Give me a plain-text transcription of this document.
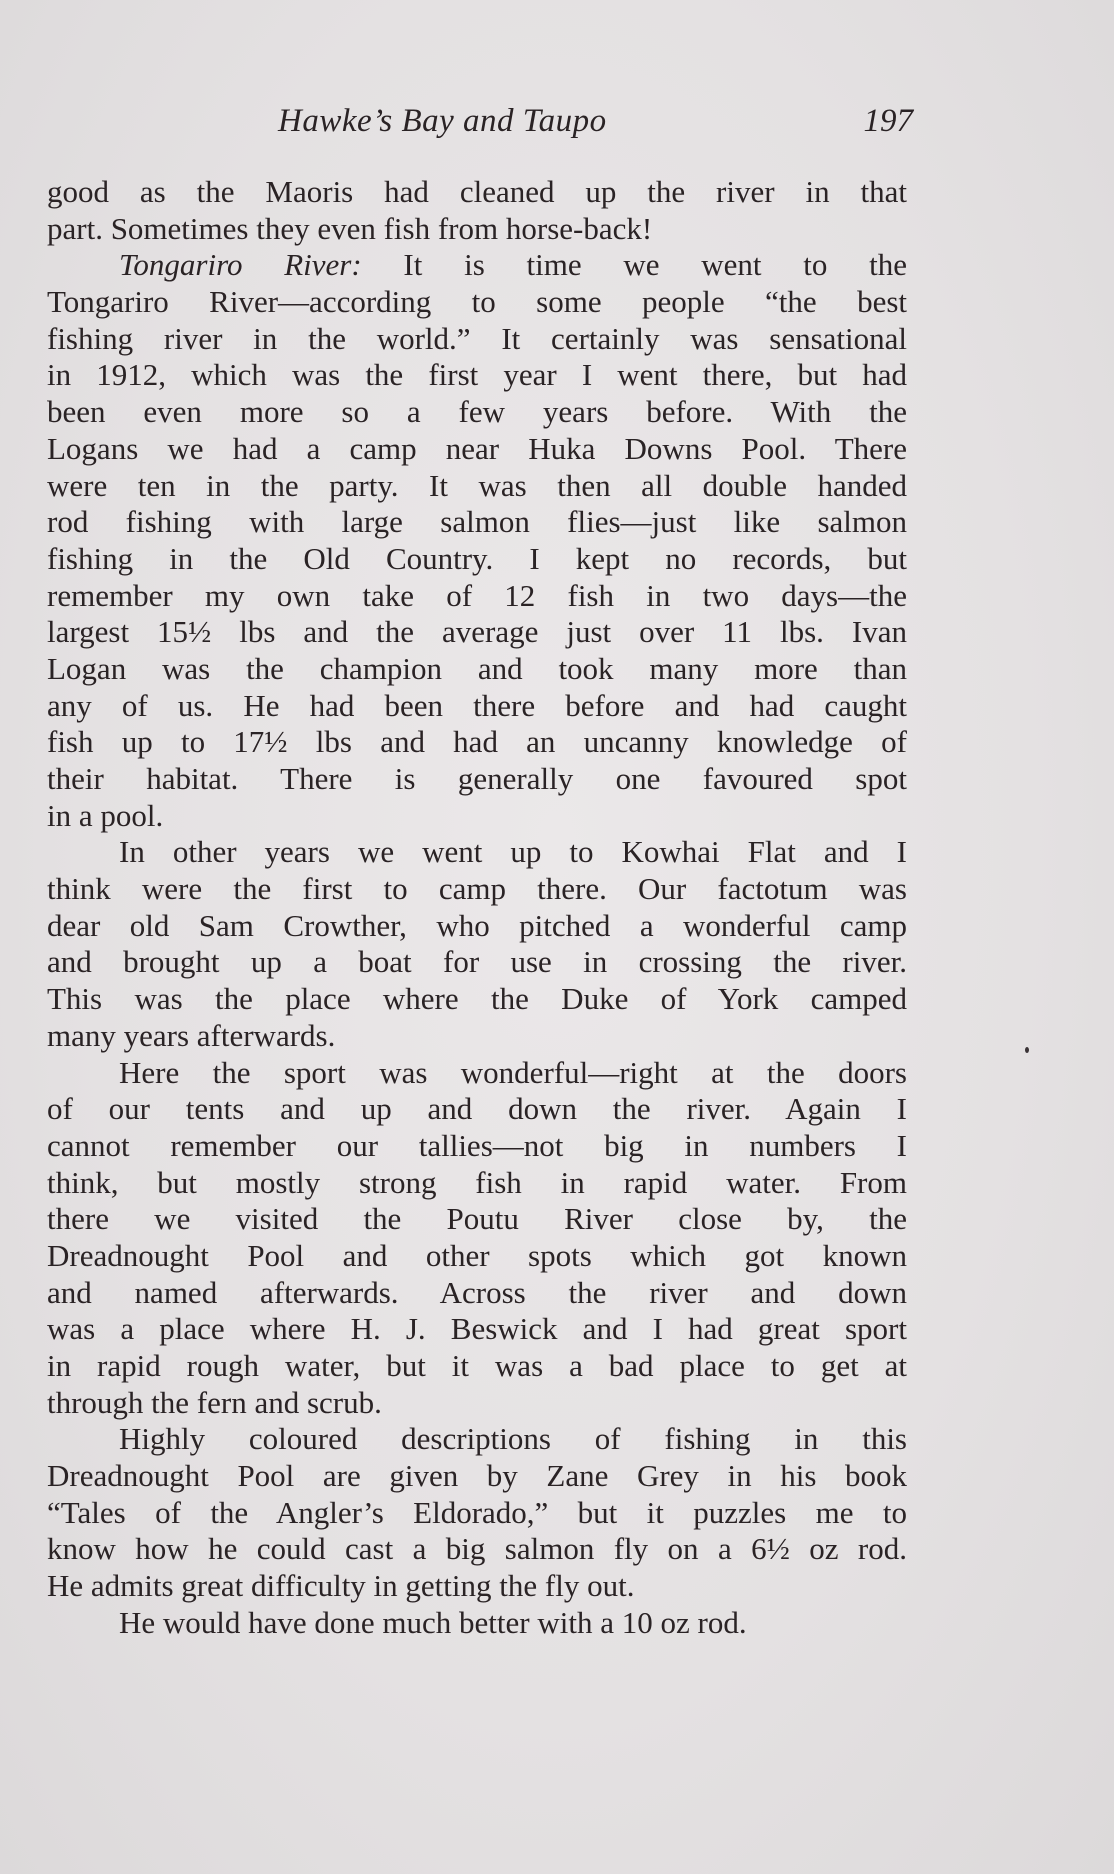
Hawke’s Bay and Taupo	197
good as the Maoris had cleaned up the river in that
part. Sometimes they even fish from horse-back!
Tongariro River: It is time we went to the
Tongariro River—according to some people “the best
fishing river in the world.” It certainly was sensational
in 1912, which was the first year I went there, but had
been even more so a few years before. With the
Logans we had a camp near Huka Downs Pool. There
were ten in the party. It was then all double handed
rod fishing with large salmon flies—just like salmon
fishing in the Old Country. I kept no records, but
remember my own take of 12 fish in two days—the
largest 15½ lbs and the average just over 11 lbs. Ivan
Logan was the champion and took many more than
any of us. He had been there before and had caught
fish up to 17½ lbs and had an uncanny knowledge of
their habitat. There is generally one favoured spot
in a pool.
In other years we went up to Kowhai Flat and I
think were the first to camp there. Our factotum was
dear old Sam Crowther, who pitched a wonderful camp
and brought up a boat for use in crossing the river.
This was the place where the Duke of York camped
many years afterwards.
Here the sport was wonderful—right at the doors
of our tents and up and down the river. Again I
cannot remember our tallies—not big in numbers I
think, but mostly strong fish in rapid water. From
there we visited the Poutu River close by, the
Dreadnought Pool and other spots which got known
and named afterwards. Across the river and down
was a place where H. J. Beswick and I had great sport
in rapid rough water, but it was a bad place to get at
through the fern and scrub.
Highly coloured descriptions of fishing in this
Dreadnought Pool are given by Zane Grey in his book
“Tales of the Angler’s Eldorado,” but it puzzles me to
know how he could cast a big salmon fly on a 6½ oz rod.
He admits great difficulty in getting the fly out.
He would have done much better with a 10 oz rod.
